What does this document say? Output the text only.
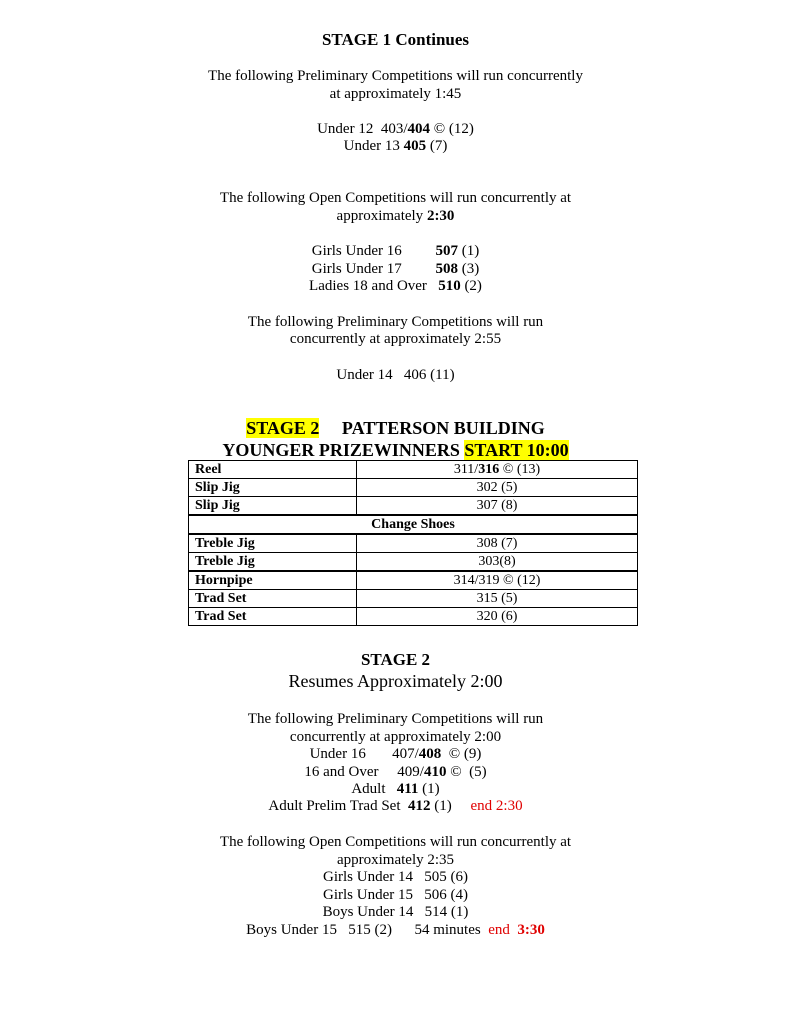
STAGE 1 Continues
The following Preliminary Competitions will run concurrently
at approximately 1:45
Under 12  403/404 © (12)
Under 13 405 (7)
The following Open Competitions will run concurrently at
approximately 2:30
Girls Under 16         507 (1)
Girls Under 17         508 (3)
Ladies 18 and Over   510 (2)
The following Preliminary Competitions will run
concurrently at approximately 2:55
Under 14   406 (11)
STAGE 2     PATTERSON BUILDING
YOUNGER PRIZEWINNERS START 10:00
Reel	311/316 © (13)
Slip Jig	302 (5)
Slip Jig	307 (8)
Change Shoes	
Treble Jig	308 (7)
Treble Jig	303(8)
Hornpipe	314/319 © (12)
Trad Set	315 (5)
Trad Set	320 (6)
STAGE 2
Resumes Approximately 2:00
The following Preliminary Competitions will run
concurrently at approximately 2:00
Under 16       407/408  © (9)
16 and Over     409/410 ©  (5)
Adult   411 (1)
Adult Prelim Trad Set  412 (1)     end 2:30
The following Open Competitions will run concurrently at
approximately 2:35
Girls Under 14   505 (6)
Girls Under 15   506 (4)
Boys Under 14   514 (1)
Boys Under 15   515 (2)      54 minutes  end  3:30
